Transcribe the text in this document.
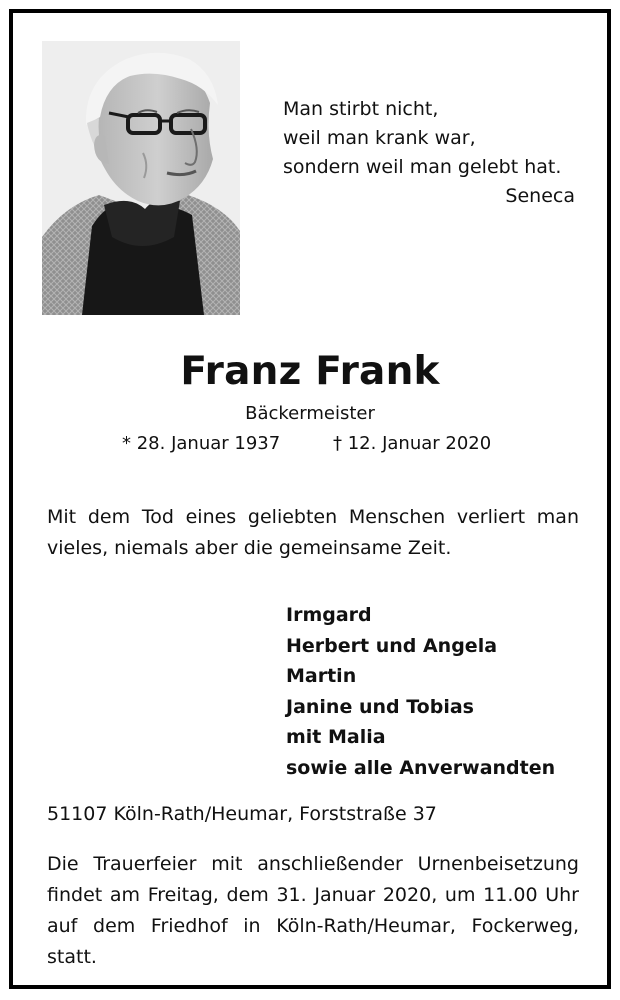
Man stirbt nicht,
weil man krank war,
sondern weil man gelebt hat.
Seneca
Franz Frank
Bäckermeister
* 28. Januar 1937	† 12. Januar 2020
Mit dem Tod eines geliebten Menschen verliert man
vieles, niemals aber die gemeinsame Zeit.
Irmgard
Herbert und Angela
Martin
Janine und Tobias
mit Malia
sowie alle Anverwandten
51107 Köln-Rath/Heumar, Forststraße 37
Die Trauerfeier mit anschließender Urnenbeisetzung
findet am Freitag, dem 31. Januar 2020, um 11.00 Uhr
auf dem Friedhof in Köln-Rath/Heumar, Fockerweg,
statt.
